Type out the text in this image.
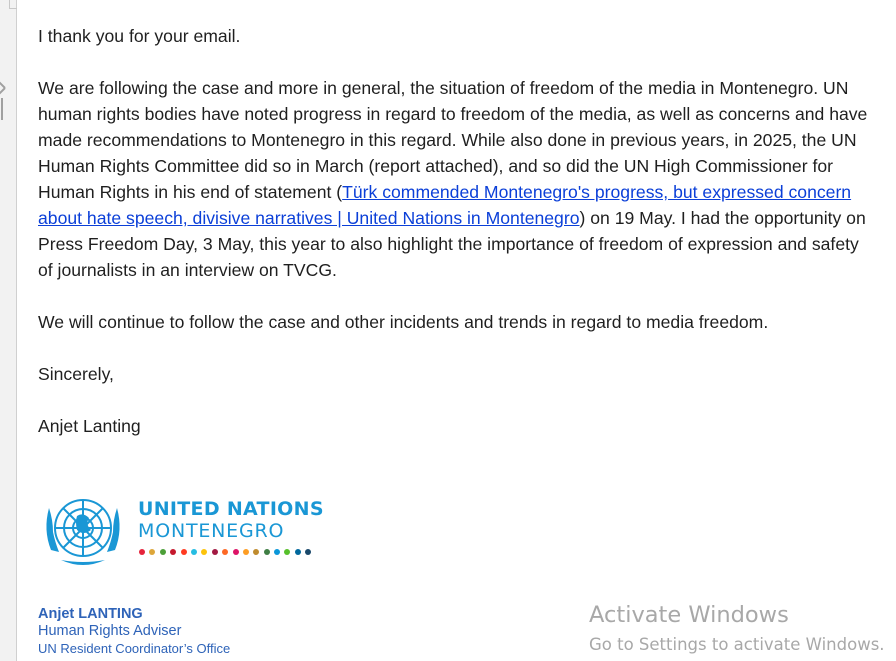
I thank you for your email.

We are following the case and more in general, the situation of freedom of the media in Montenegro. UN
human rights bodies have noted progress in regard to freedom of the media, as well as concerns and have
made recommendations to Montenegro in this regard. While also done in previous years, in 2025, the UN
Human Rights Committee did so in March (report attached), and so did the UN High Commissioner for
Human Rights in his end of statement (Türk commended Montenegro's progress, but expressed concern
about hate speech, divisive narratives | United Nations in Montenegro) on 19 May. I had the opportunity on
Press Freedom Day, 3 May, this year to also highlight the importance of freedom of expression and safety
of journalists in an interview on TVCG.

We will continue to follow the case and other incidents and trends in regard to media freedom.

Sincerely,

Anjet Lanting

UNITED NATIONS
MONTENEGRO
Anjet LANTING
Human Rights Adviser
UN Resident Coordinator’s Office
Activate Windows
Go to Settings to activate Windows.
